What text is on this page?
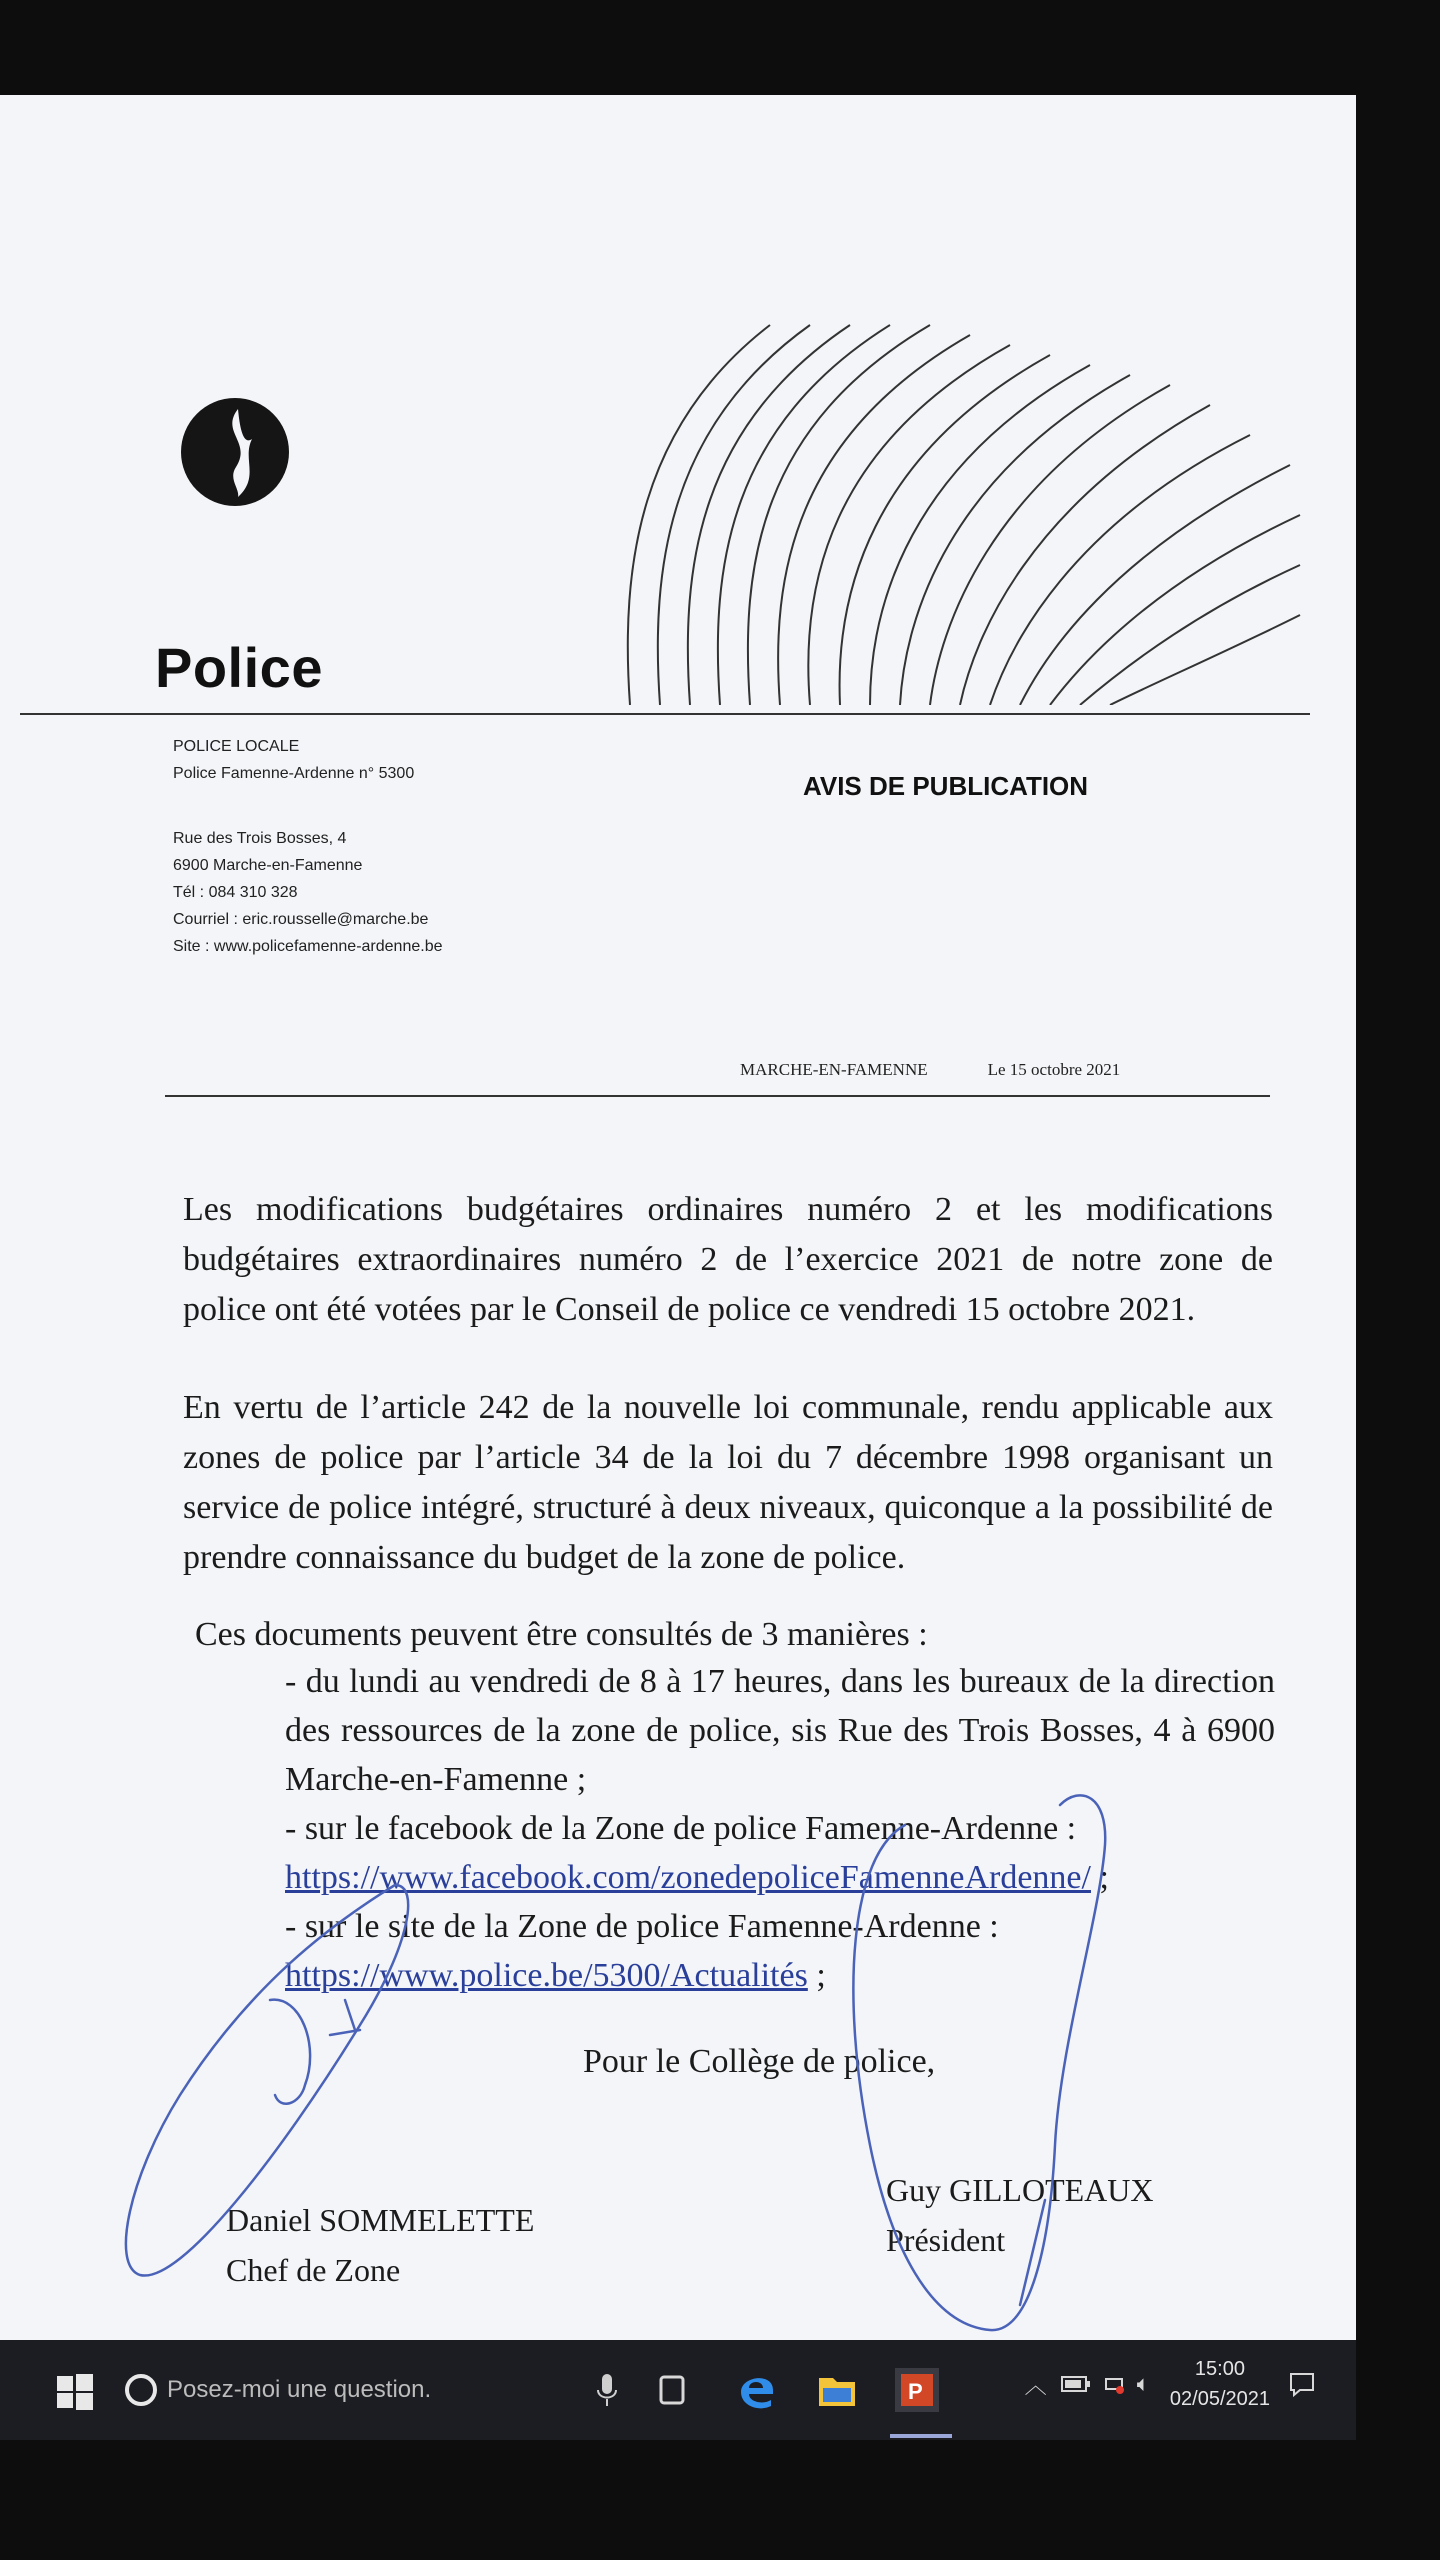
Police
POLICE LOCALE
Police Famenne-Ardenne n° 5300
Rue des Trois Bosses, 4
6900 Marche-en-Famenne
Tél : 084 310 328
Courriel : eric.rousselle@marche.be
Site : www.policefamenne-ardenne.be
AVIS DE PUBLICATION
MARCHE-EN-FAMENNE	Le 15 octobre 2021

Les modifications budgétaires ordinaires numéro 2 et les modifications budgétaires extraordinaires numéro 2 de l’exercice 2021 de notre zone de police ont été votées par le Conseil de police ce vendredi 15 octobre 2021.

En vertu de l’article 242 de la nouvelle loi communale, rendu applicable aux zones de police par l’article 34 de la loi du 7 décembre 1998 organisant un service de police intégré, structuré à deux niveaux, quiconque a la possibilité de prendre connaissance du budget de la zone de police.

Ces documents peuvent être consultés de 3 manières :

- du lundi au vendredi de 8 à 17 heures, dans les bureaux de la direction des ressources de la zone de police, sis Rue des Trois Bosses, 4 à 6900 Marche-en-Famenne ;
- sur le facebook de la Zone de police Famenne-Ardenne :
https://www.facebook.com/zonedepoliceFamenneArdenne/ ;
- sur le site de la Zone de police Famenne-Ardenne :
https://www.police.be/5300/Actualités ;
Pour le Collège de police,
Daniel SOMMELETTE
Chef de Zone
Guy GILLOTEAUX
Président
Posez-moi une question.	P	︿	🔈︎
15:00
02/05/2021
